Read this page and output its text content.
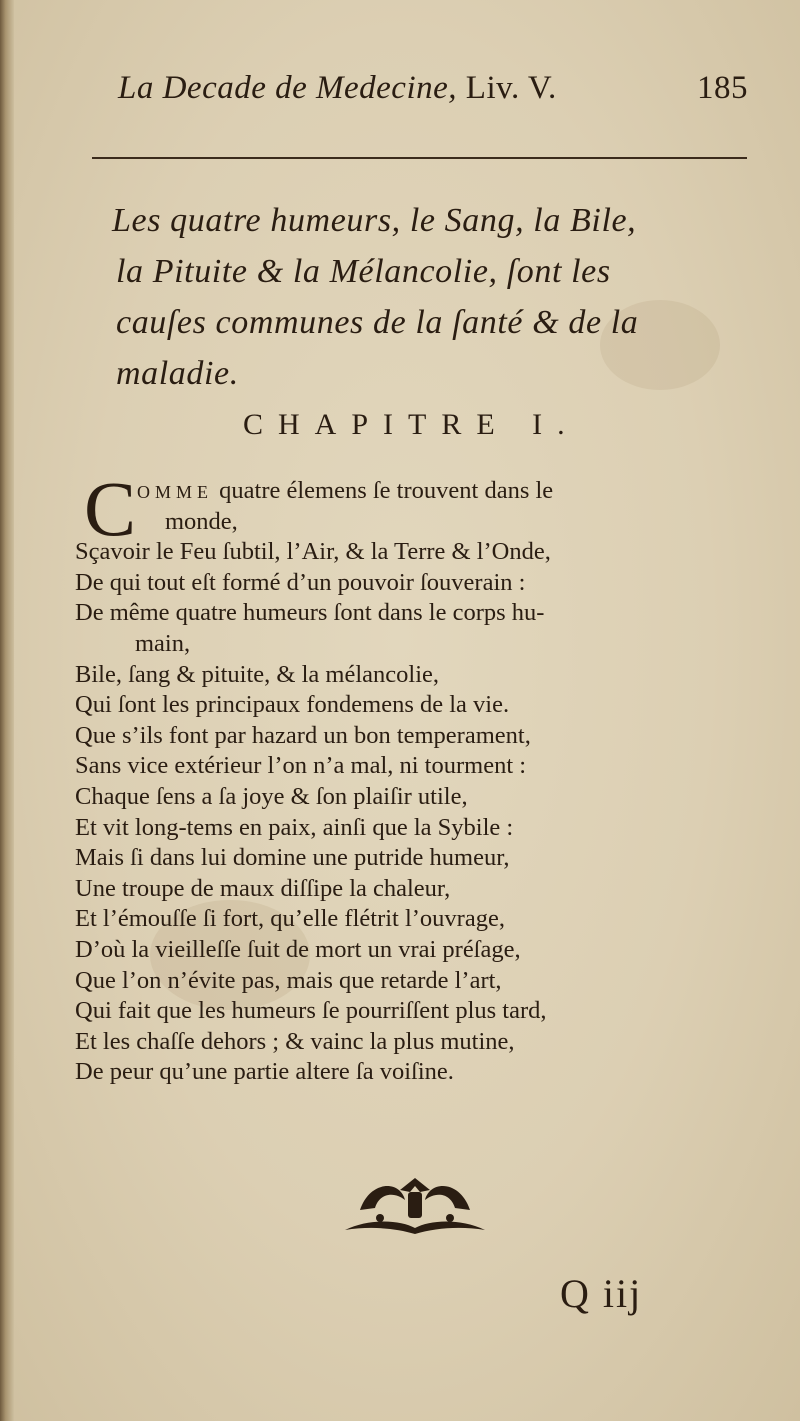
La Decade de Medecine, Liv. V.	185
Les quatre humeurs, le Sang, la Bile,
la Pituite & la Mélancolie, ſont les
cauſes communes de la ſanté & de la
maladie.
CHAPITRE I.
C OMME quatre élemens ſe trouvent dans le
monde,
Sçavoir le Feu ſubtil, l’Air, & la Terre & l’Onde,
De qui tout eſt formé d’un pouvoir ſouverain :
De même quatre humeurs ſont dans le corps hu-
main,
Bile, ſang & pituite, & la mélancolie,
Qui ſont les principaux fondemens de la vie.
Que s’ils font par hazard un bon temperament,
Sans vice extérieur l’on n’a mal, ni tourment :
Chaque ſens a ſa joye & ſon plaiſir utile,
Et vit long-tems en paix, ainſi que la Sybile :
Mais ſi dans lui domine une putride humeur,
Une troupe de maux diſſipe la chaleur,
Et l’émouſſe ſi fort, qu’elle flétrit l’ouvrage,
D’où la vieilleſſe ſuit de mort un vrai préſage,
Que l’on n’évite pas, mais que retarde l’art,
Qui fait que les humeurs ſe pourriſſent plus tard,
Et les chaſſe dehors ; & vainc la plus mutine,
De peur qu’une partie altere ſa voiſine.
Q iij
